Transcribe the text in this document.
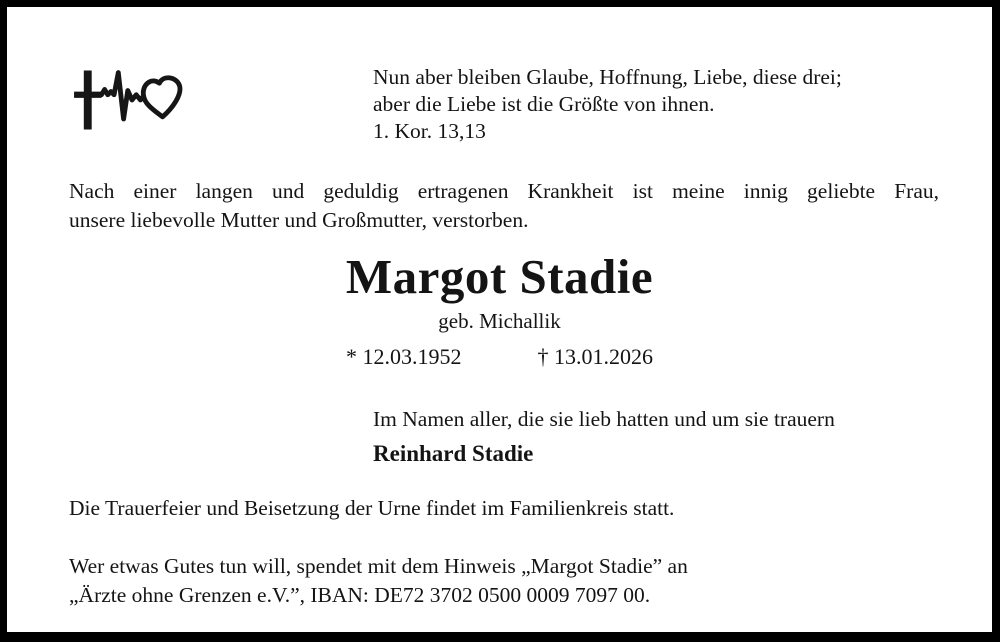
Nun aber bleiben Glaube, Hoffnung, Liebe, diese drei;
aber die Liebe ist die Größte von ihnen.
1. Kor. 13,13
Nach einer langen und geduldig ertragenen Krankheit ist meine innig geliebte Frau,
unsere liebevolle Mutter und Großmutter, verstorben.
Margot Stadie
geb. Michallik
* 12.03.1952	† 13.01.2026
Im Namen aller, die sie lieb hatten und um sie trauern
Reinhard Stadie
Die Trauerfeier und Beisetzung der Urne findet im Familienkreis statt.
Wer etwas Gutes tun will, spendet mit dem Hinweis „Margot Stadie” an
„Ärzte ohne Grenzen e.V.”, IBAN: DE72 3702 0500 0009 7097 00.
